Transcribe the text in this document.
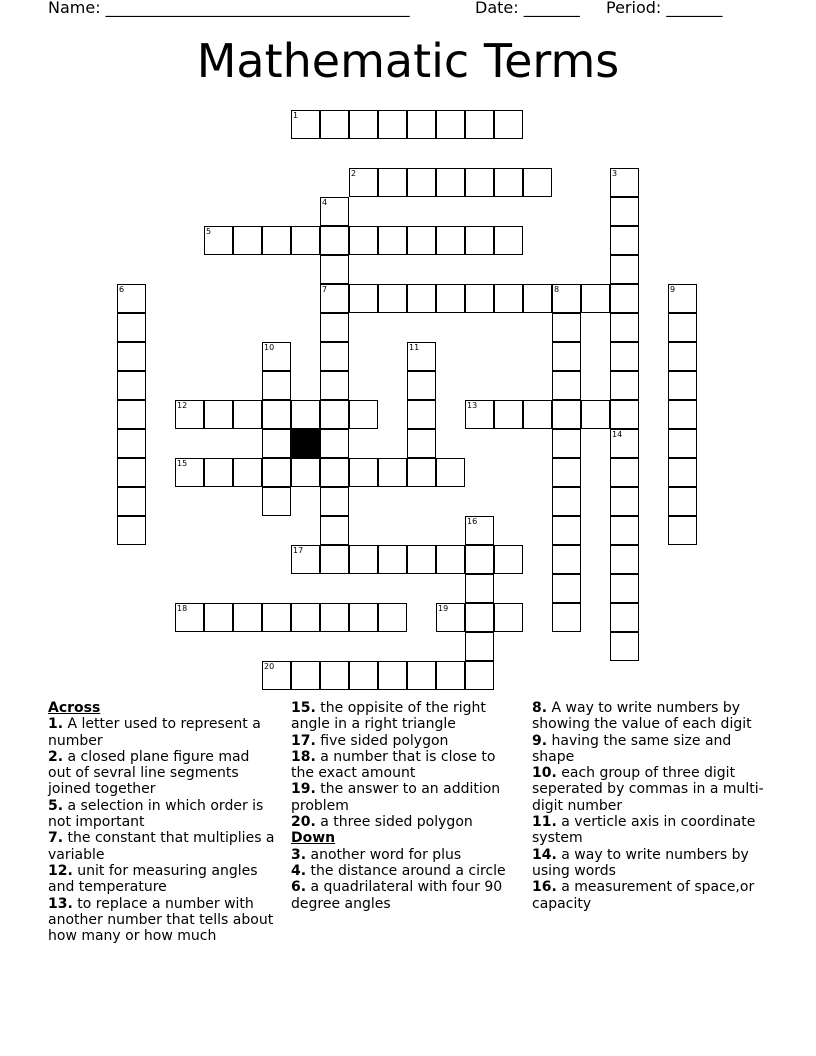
Name: ______________________________________	Date: _______ Period: _______
Mathematic Terms
1
2	3
4
5
6	7	8	9
10	11
12	13
14
15
16
17
18	19
20
Across
1. A letter used to represent a number
2. a closed plane figure mad out of sevral line segments joined together
5. a selection in which order is not important
7. the constant that multiplies a variable
12. unit for measuring angles and temperature
13. to replace a number with another number that tells about how many or how much
15. the oppisite of the right angle in a right triangle
17. five sided polygon
18. a number that is close to the exact amount
19. the answer to an addition problem
20. a three sided polygon
Down
3. another word for plus
4. the distance around a circle
6. a quadrilateral with four 90 degree angles
8. A way to write numbers by showing the value of each digit
9. having the same size and shape
10. each group of three digit seperated by commas in a multi-digit number
11. a verticle axis in coordinate system
14. a way to write numbers by using words
16. a measurement of space,or capacity
